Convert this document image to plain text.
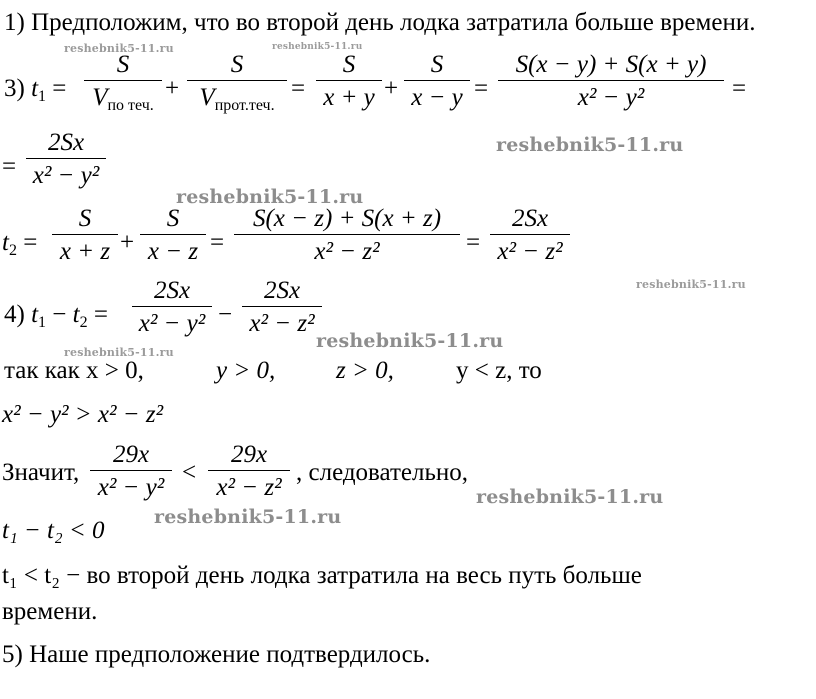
1) Предположим, что во второй день лодка затратила больше времени.
3) $t_1$ =
S
$V_{по теч.}$
+
S
$V_{прот.теч.}$
=
S
x + y +
S
x − y =
S(x − y) + S(x + y)
x² − y²	=
=
2Sx
x² − y²
$t_2$ =
S
x + z +
S
x − z =
S(x − z) + S(x + z)
x² − z²	=
2Sx
x² − z²
4) $t_1 - t_2$ =
2Sx
x² − y² −
2Sx
x² − z²
так как x > 0,	y > 0, z > 0, y < z, то
x² − y² > x² − z²
Значит,
29x
x² − y²
<
29x
x² − z²
, следовательно,
t₁ − t₂ < 0
t₁ < t₂ − во второй день лодка затратила на весь путь больше
времени.
5) Наше предположение подтвердилось.
reshebnik5-11.ru	reshebnik5-11.ru
reshebnik5-11.ru
reshebnik5-11.ru
reshebnik5-11.ru
reshebnik5-11.ru
reshebnik5-11.ru
reshebnik5-11.ru
reshebnik5-11.ru
